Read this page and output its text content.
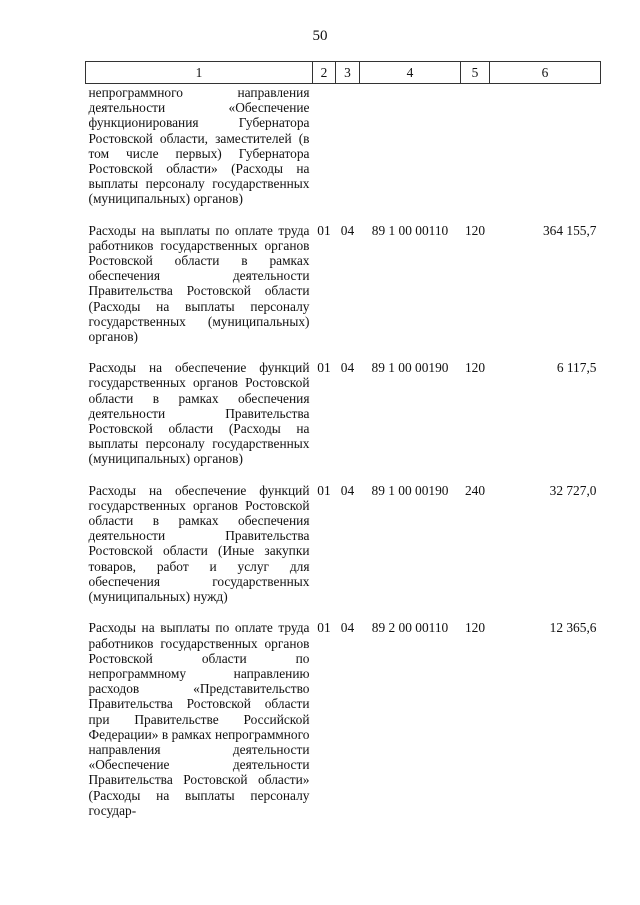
50
1	2	3	4	5	6
непрограммного направления деятельности «Обеспечение функционирования Губернатора Ростовской области, заместителей (в том числе первых) Губернатора Ростовской области» (Расходы на выплаты персоналу государственных (муниципальных) органов)					
Расходы на выплаты по оплате труда работников государственных органов Ростовской области в рамках обеспечения деятельности Правительства Ростовской области (Расходы на выплаты персоналу государственных (муниципальных) органов)	01	04	89 1 00 00110	120	364 155,7
Расходы на обеспечение функций государственных органов Ростовской области в рамках обеспечения деятельности Правительства Ростовской области (Расходы на выплаты персоналу государственных (муниципальных) органов)	01	04	89 1 00 00190	120	6 117,5
Расходы на обеспечение функций государственных органов Ростовской области в рамках обеспечения деятельности Правительства Ростовской области (Иные закупки товаров, работ и услуг для обеспечения государственных (муниципальных) нужд)	01	04	89 1 00 00190	240	32 727,0
Расходы на выплаты по оплате труда работников государственных органов Ростовской области по непрограммному направлению расходов «Представительство Правительства Ростовской области при Правительстве Российской Федерации» в рамках непрограммного направления деятельности «Обеспечение деятельности Правительства Ростовской области» (Расходы на выплаты персоналу государ-	01	04	89 2 00 00110	120	12 365,6
